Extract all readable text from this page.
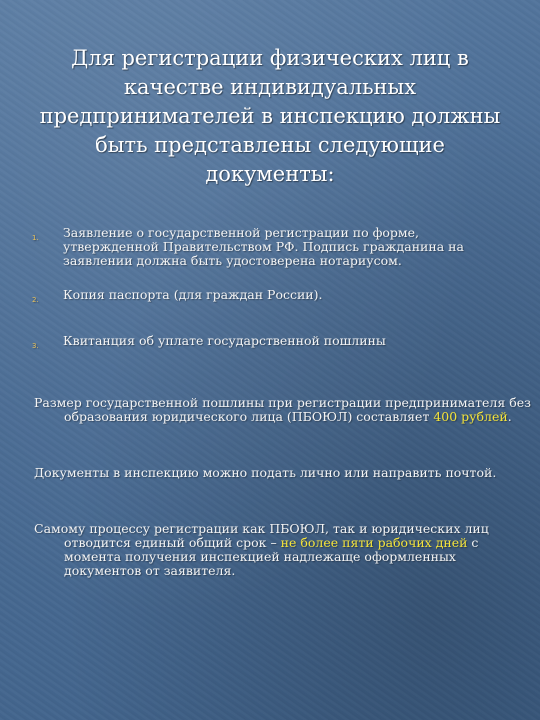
Для регистрации физических лиц в качестве индивидуальных предпринимателей в инспекцию должны быть представлены следующие документы:
1.	Заявление о государственной регистрации по форме, утвержденной Правительством РФ. Подпись гражданина на заявлении должна быть удостоверена нотариусом.
2.	Копия паспорта (для граждан России).
3.	Квитанция об уплате государственной пошлины

Размер государственной пошлины при регистрации предпринимателя без образования юридического лица (ПБОЮЛ) составляет 400 рублей.

Документы в инспекцию можно подать лично или направить почтой.

Самому процессу регистрации как ПБОЮЛ, так и юридических лиц отводится единый общий срок – не более пяти рабочих дней с момента получения инспекцией надлежаще оформленных документов от заявителя.
